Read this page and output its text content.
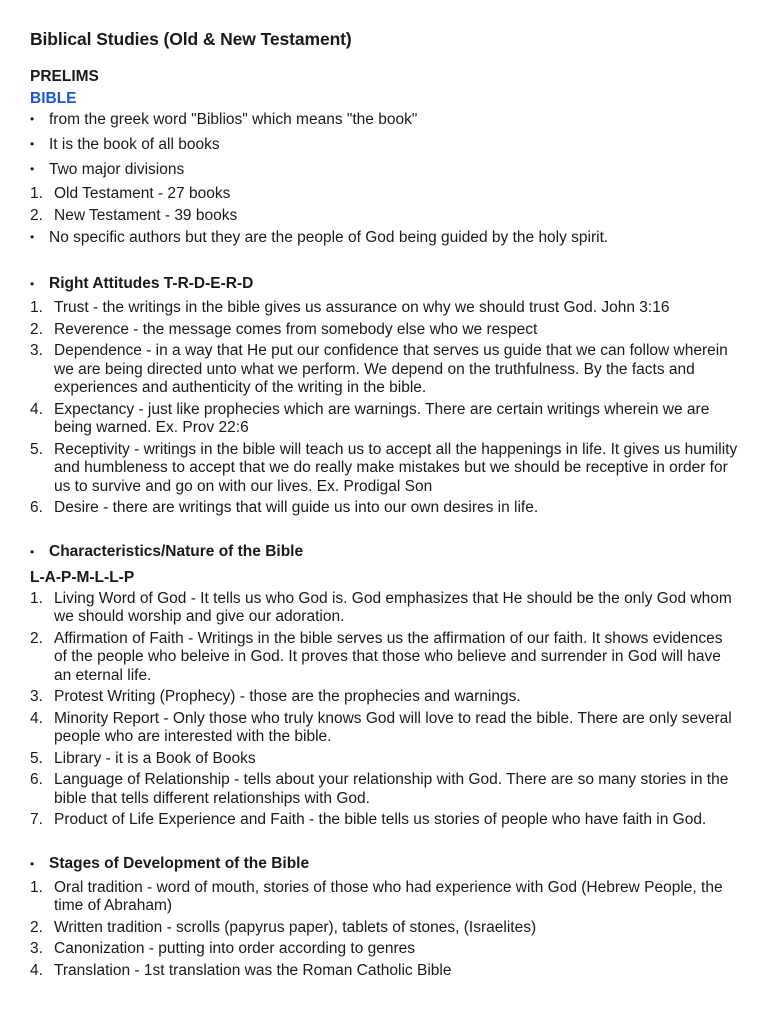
Biblical Studies (Old & New Testament)
PRELIMS
BIBLE
• from the greek word "Biblios" which means "the book"
• It is the book of all books
• Two major divisions
1. Old Testament - 27 books
2. New Testament - 39 books
• No specific authors but they are the people of God being guided by the holy spirit.
• Right Attitudes T-R-D-E-R-D
1. Trust - the writings in the bible gives us assurance on why we should trust God. John 3:16
2. Reverence - the message comes from somebody else who we respect
3. Dependence - in a way that He put our confidence that serves us guide that we can follow wherein we are being directed unto what we perform. We depend on the truthfulness. By the facts and experiences and authenticity of the writing in the bible.
4. Expectancy - just like prophecies which are warnings. There are certain writings wherein we are being warned. Ex. Prov 22:6
5. Receptivity - writings in the bible will teach us to accept all the happenings in life. It gives us humility and humbleness to accept that we do really make mistakes but we should be receptive in order for us to survive and go on with our lives. Ex. Prodigal Son
6. Desire - there are writings that will guide us into our own desires in life.
• Characteristics/Nature of the Bible
L-A-P-M-L-L-P
1. Living Word of God - It tells us who God is. God emphasizes that He should be the only God whom we should worship and give our adoration.
2. Affirmation of Faith - Writings in the bible serves us the affirmation of our faith. It shows evidences of the people who beleive in God. It proves that those who believe and surrender in God will have an eternal life.
3. Protest Writing (Prophecy) - those are the prophecies and warnings.
4. Minority Report - Only those who truly knows God will love to read the bible. There are only several people who are interested with the bible.
5. Library - it is a Book of Books
6. Language of Relationship - tells about your relationship with God. There are so many stories in the bible that tells different relationships with God.
7. Product of Life Experience and Faith - the bible tells us stories of people who have faith in God.
• Stages of Development of the Bible
1. Oral tradition - word of mouth, stories of those who had experience with God (Hebrew People, the time of Abraham)
2. Written tradition - scrolls (papyrus paper), tablets of stones, (Israelites)
3. Canonization - putting into order according to genres
4. Translation - 1st translation was the Roman Catholic Bible
